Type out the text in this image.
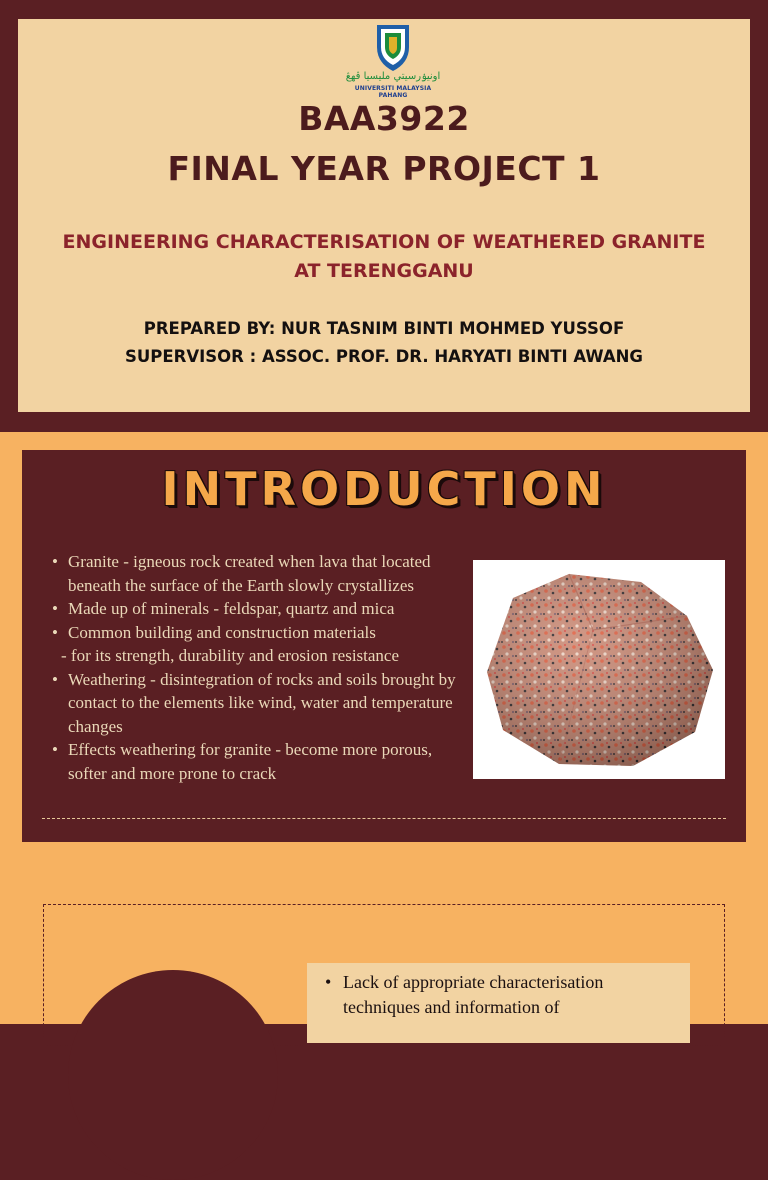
اونيۏرسيتي مليسيا ڤهڠ
UNIVERSITI MALAYSIA PAHANG
BAA3922
FINAL YEAR PROJECT 1
ENGINEERING CHARACTERISATION OF WEATHERED GRANITE AT TERENGGANU
PREPARED BY: NUR TASNIM BINTI MOHMED YUSSOF
SUPERVISOR : ASSOC. PROF. DR. HARYATI BINTI AWANG
INTRODUCTION
• Granite - igneous rock created when lava that located beneath the surface of the Earth slowly crystallizes
• Made up of minerals - feldspar, quartz and mica
• Common building and construction materials
- for its strength, durability and erosion resistance
• Weathering - disintegration of rocks and soils brought by contact to the elements like wind, water and temperature changes
• Effects weathering for granite - become more porous, softer and more prone to crack
• Lack of appropriate characterisation techniques and information of
